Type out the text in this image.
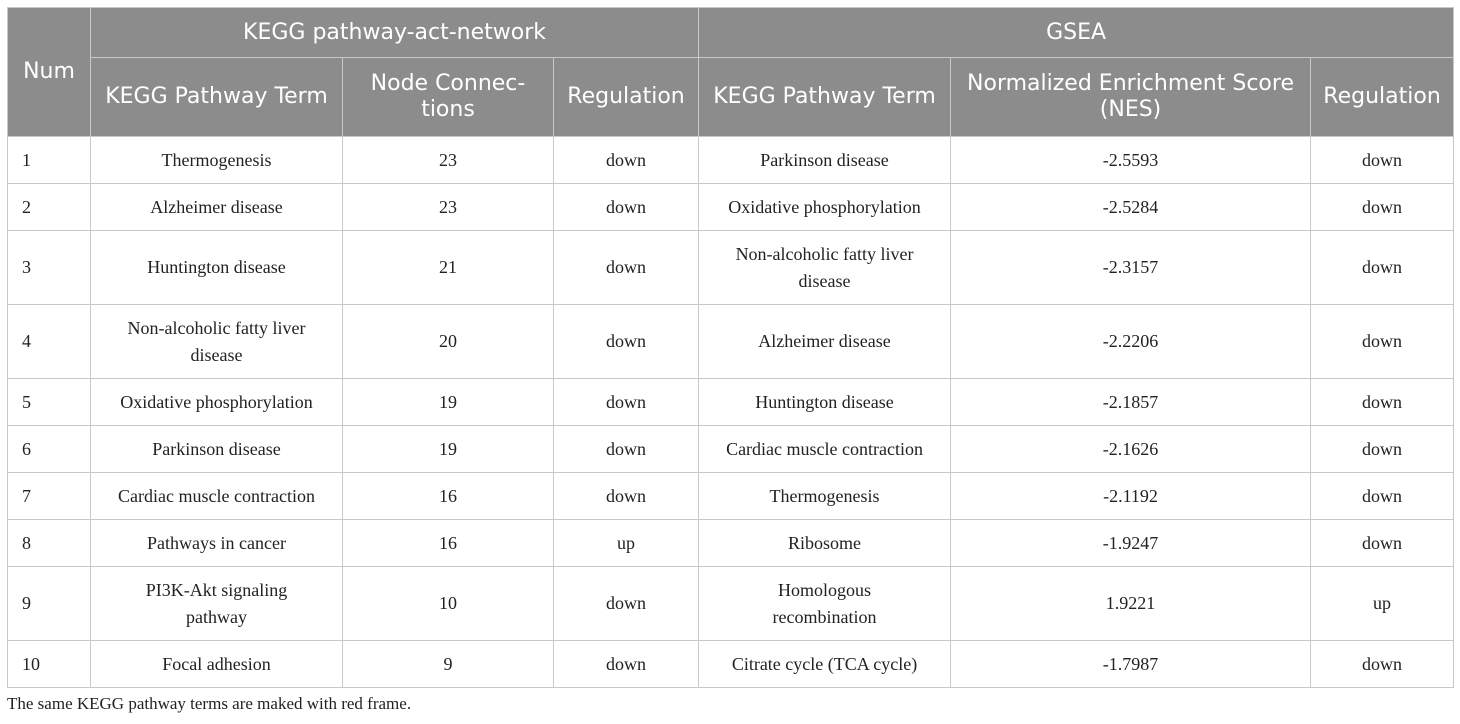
Num	KEGG pathway-act-network			GSEA		
	KEGG Pathway Term	Node Connec- tions	Regulation	KEGG Pathway Term	Normalized Enrichment Score (NES)	Regulation
1	Thermogenesis	23	down	Parkinson disease	-2.5593	down
2	Alzheimer disease	23	down	Oxidative phosphorylation	-2.5284	down
3	Huntington disease	21	down	Non-alcoholic fatty liver disease	-2.3157	down
4	Non-alcoholic fatty liver disease	20	down	Alzheimer disease	-2.2206	down
5	Oxidative phosphorylation	19	down	Huntington disease	-2.1857	down
6	Parkinson disease	19	down	Cardiac muscle contraction	-2.1626	down
7	Cardiac muscle contraction	16	down	Thermogenesis	-2.1192	down
8	Pathways in cancer	16	up	Ribosome	-1.9247	down
9	PI3K-Akt signaling pathway	10	down	Homologous recombination	1.9221	up
10	Focal adhesion	9	down	Citrate cycle (TCA cycle)	-1.7987	down
The same KEGG pathway terms are maked with red frame.
